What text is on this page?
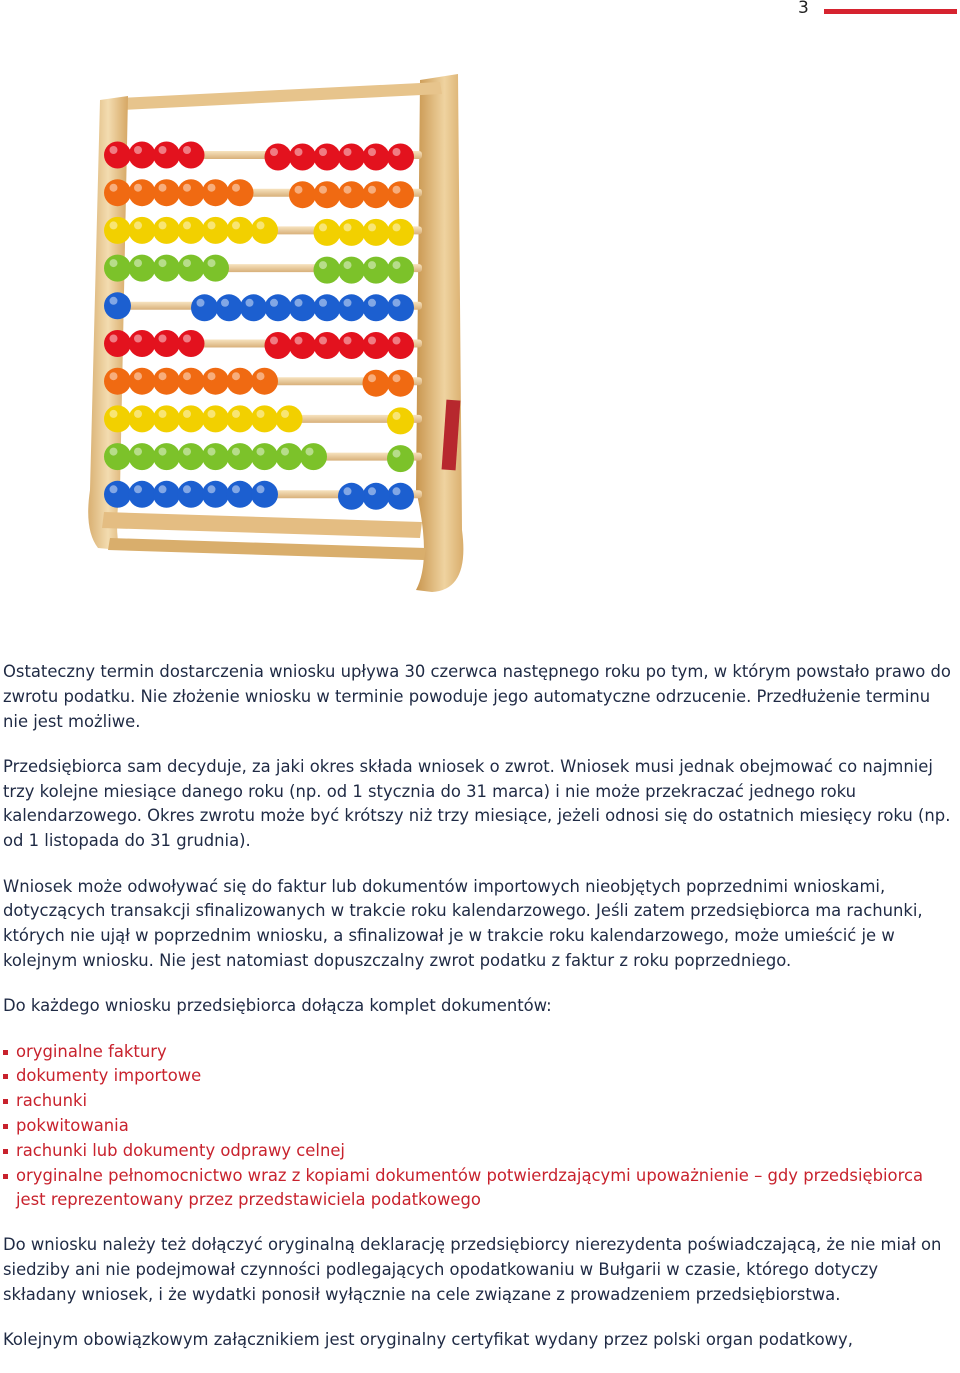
3

Ostateczny termin dostarczenia wniosku upływa 30 czerwca następnego roku po tym, w którym powstało prawo do zwrotu podatku. Nie złożenie wniosku w terminie powoduje jego automatyczne odrzucenie. Przedłużenie terminu nie jest możliwe.

Przedsiębiorca sam decyduje, za jaki okres składa wniosek o zwrot. Wniosek musi jednak obejmować co najmniej trzy kolejne miesiące danego roku (np. od 1 stycznia do 31 marca) i nie może przekraczać jednego roku kalendarzowego. Okres zwrotu może być krótszy niż trzy miesiące, jeżeli odnosi się do ostatnich miesięcy roku (np. od 1 listopada do 31 grudnia).

Wniosek może odwoływać się do faktur lub dokumentów importowych nieobjętych poprzednimi wnioskami, dotyczących transakcji sfinalizowanych w trakcie roku kalendarzowego. Jeśli zatem przedsiębiorca ma rachunki, których nie ujął w poprzednim wniosku, a sfinalizował je w trakcie roku kalendarzowego, może umieścić je w kolejnym wniosku. Nie jest natomiast dopuszczalny zwrot podatku z faktur z roku poprzedniego.

Do każdego wniosku przedsiębiorca dołącza komplet dokumentów:

oryginalne faktury
dokumenty importowe
rachunki
pokwitowania
rachunki lub dokumenty odprawy celnej
oryginalne pełnomocnictwo wraz z kopiami dokumentów potwierdzającymi upoważnienie – gdy przedsiębiorca jest reprezentowany przez przedstawiciela podatkowego

Do wniosku należy też dołączyć oryginalną deklarację przedsiębiorcy nierezydenta poświadczającą, że nie miał on siedziby ani nie podejmował czynności podlegających opodatkowaniu w Bułgarii w czasie, którego dotyczy składany wniosek, i że wydatki ponosił wyłącznie na cele związane z prowadzeniem przedsiębiorstwa.

Kolejnym obowiązkowym załącznikiem jest oryginalny certyfikat wydany przez polski organ podatkowy,
